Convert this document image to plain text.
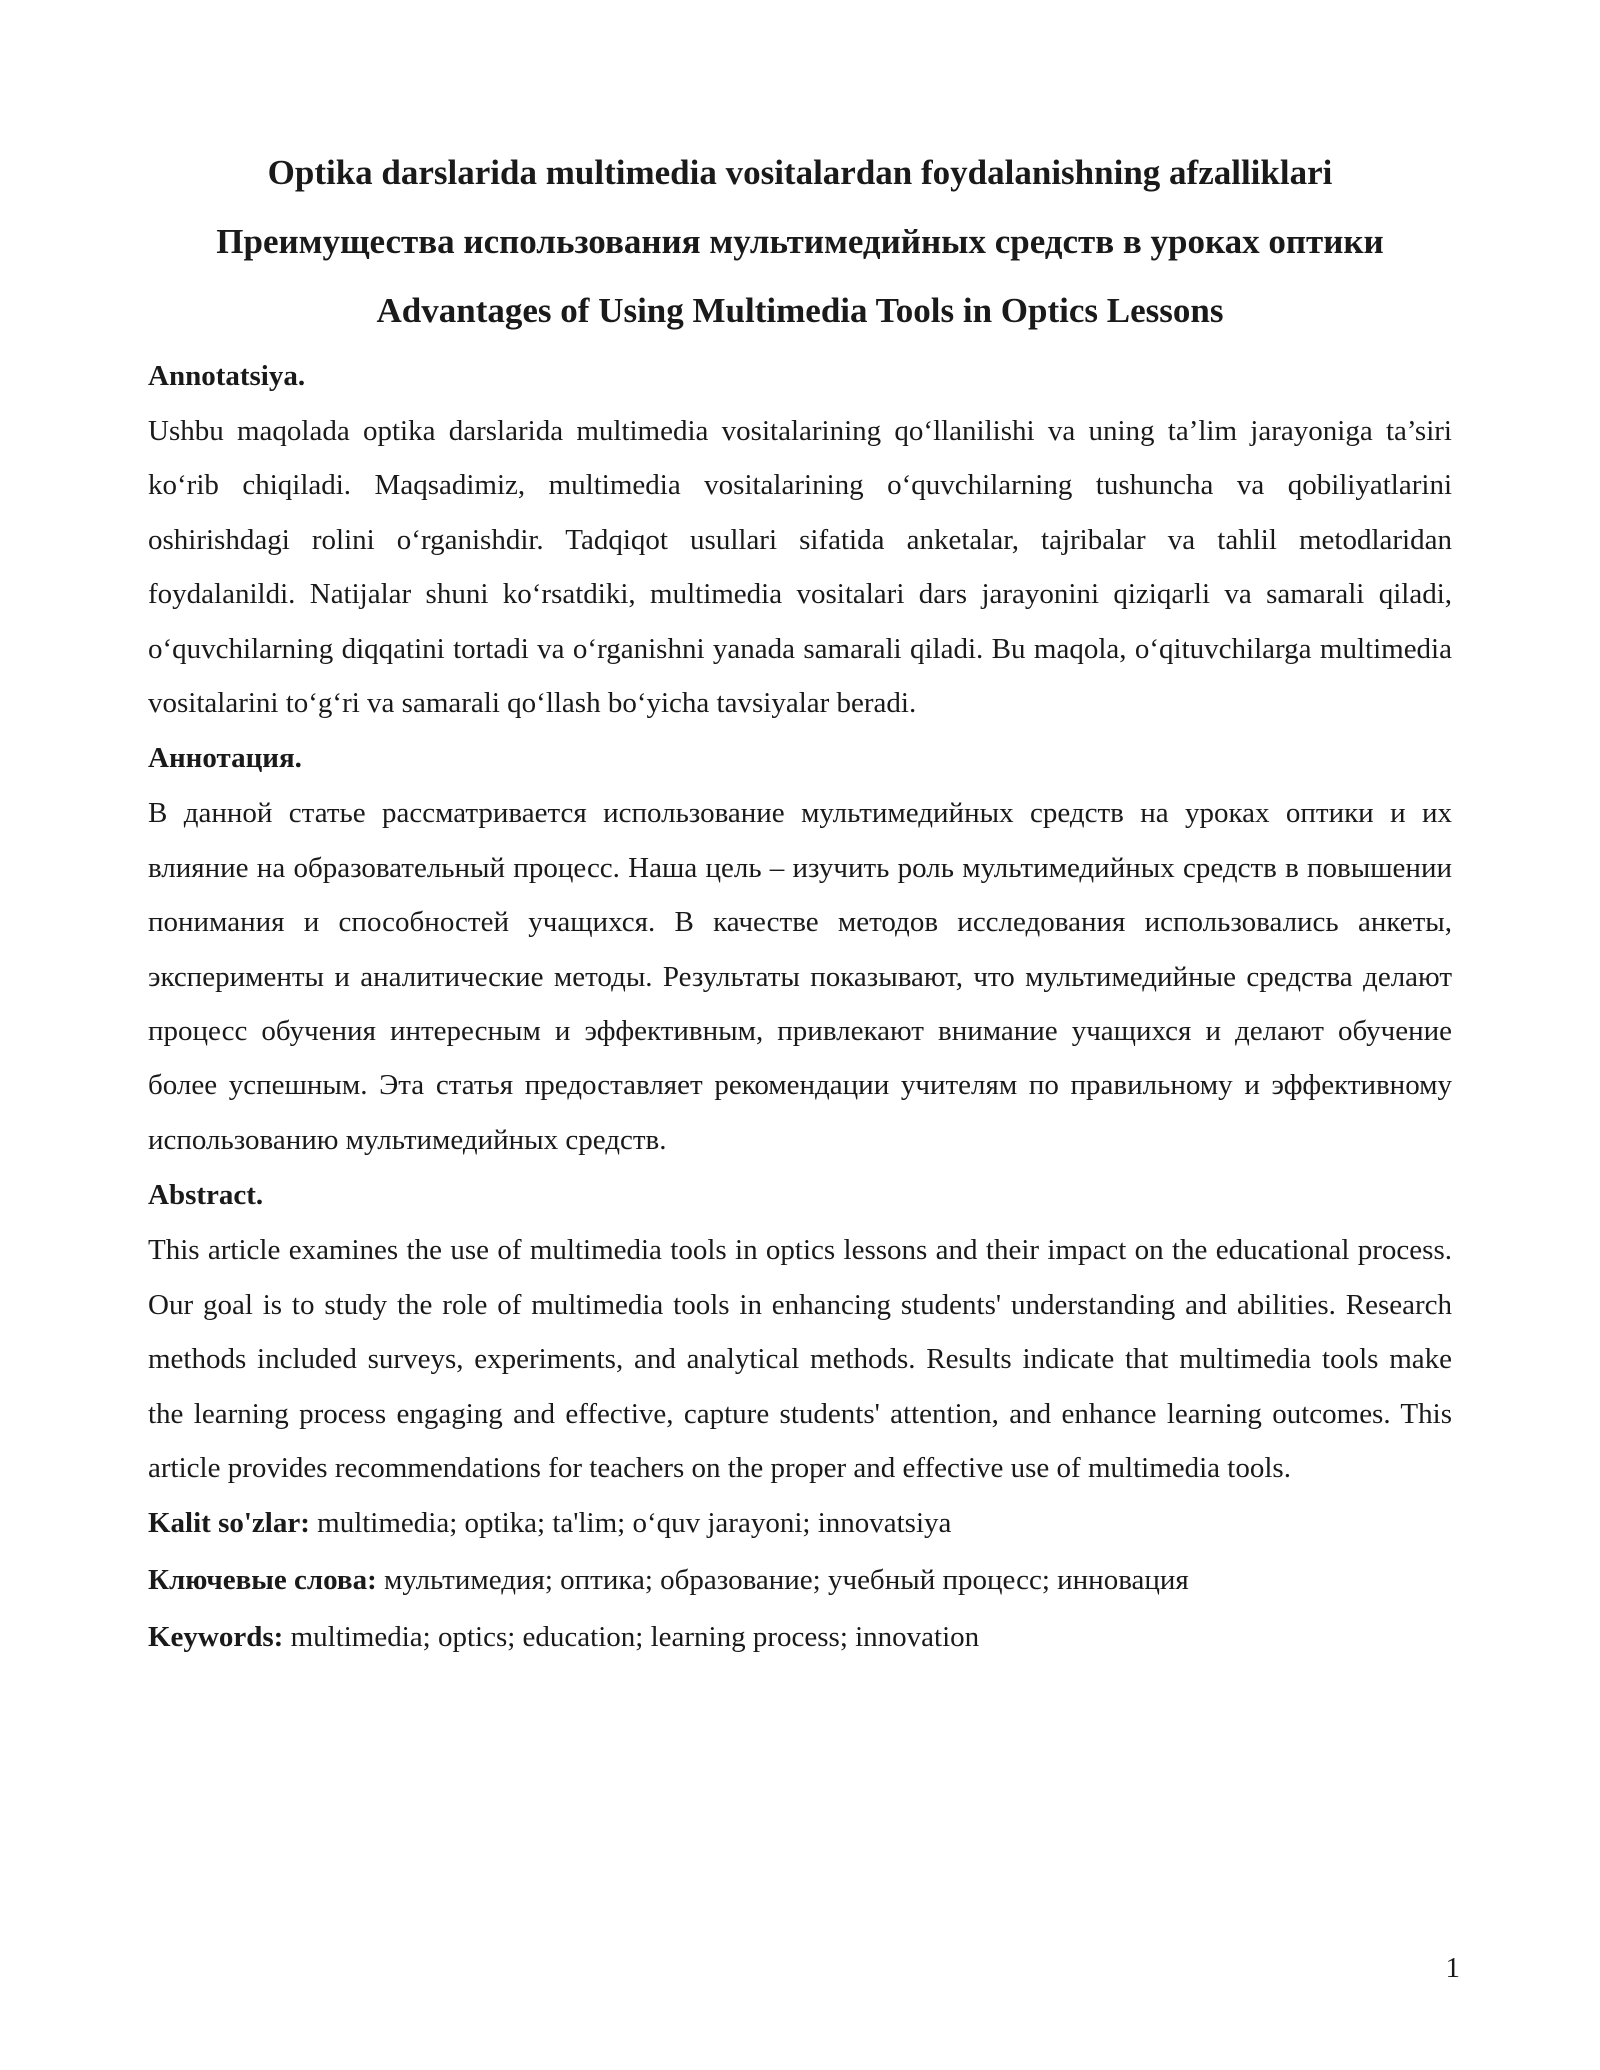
Optika darslarida multimedia vositalardan foydalanishning afzalliklari

Преимущества использования мультимедийных средств в уроках оптики

Advantages of Using Multimedia Tools in Optics Lessons

Annotatsiya.

Ushbu maqolada optika darslarida multimedia vositalarining qo‘llanilishi va uning ta’lim jarayoniga ta’siri ko‘rib chiqiladi. Maqsadimiz, multimedia vositalarining o‘quvchilarning tushuncha va qobiliyatlarini oshirishdagi rolini o‘rganishdir. Tadqiqot usullari sifatida anketalar, tajribalar va tahlil metodlaridan foydalanildi. Natijalar shuni ko‘rsatdiki, multimedia vositalari dars jarayonini qiziqarli va samarali qiladi, o‘quvchilarning diqqatini tortadi va o‘rganishni yanada samarali qiladi. Bu maqola, o‘qituvchilarga multimedia vositalarini to‘g‘ri va samarali qo‘llash bo‘yicha tavsiyalar beradi.

Аннотация.

В данной статье рассматривается использование мультимедийных средств на уроках оптики и их влияние на образовательный процесс. Наша цель – изучить роль мультимедийных средств в повышении понимания и способностей учащихся. В качестве методов исследования использовались анкеты, эксперименты и аналитические методы. Результаты показывают, что мультимедийные средства делают процесс обучения интересным и эффективным, привлекают внимание учащихся и делают обучение более успешным. Эта статья предоставляет рекомендации учителям по правильному и эффективному использованию мультимедийных средств.

Abstract.

This article examines the use of multimedia tools in optics lessons and their impact on the educational process. Our goal is to study the role of multimedia tools in enhancing students' understanding and abilities. Research methods included surveys, experiments, and analytical methods. Results indicate that multimedia tools make the learning process engaging and effective, capture students' attention, and enhance learning outcomes. This article provides recommendations for teachers on the proper and effective use of multimedia tools.

Kalit so'zlar: multimedia; optika; ta'lim; o‘quv jarayoni; innovatsiya

Ключевые слова: мультимедия; оптика; образование; учебный процесс; инновация

Keywords: multimedia; optics; education; learning process; innovation

1
